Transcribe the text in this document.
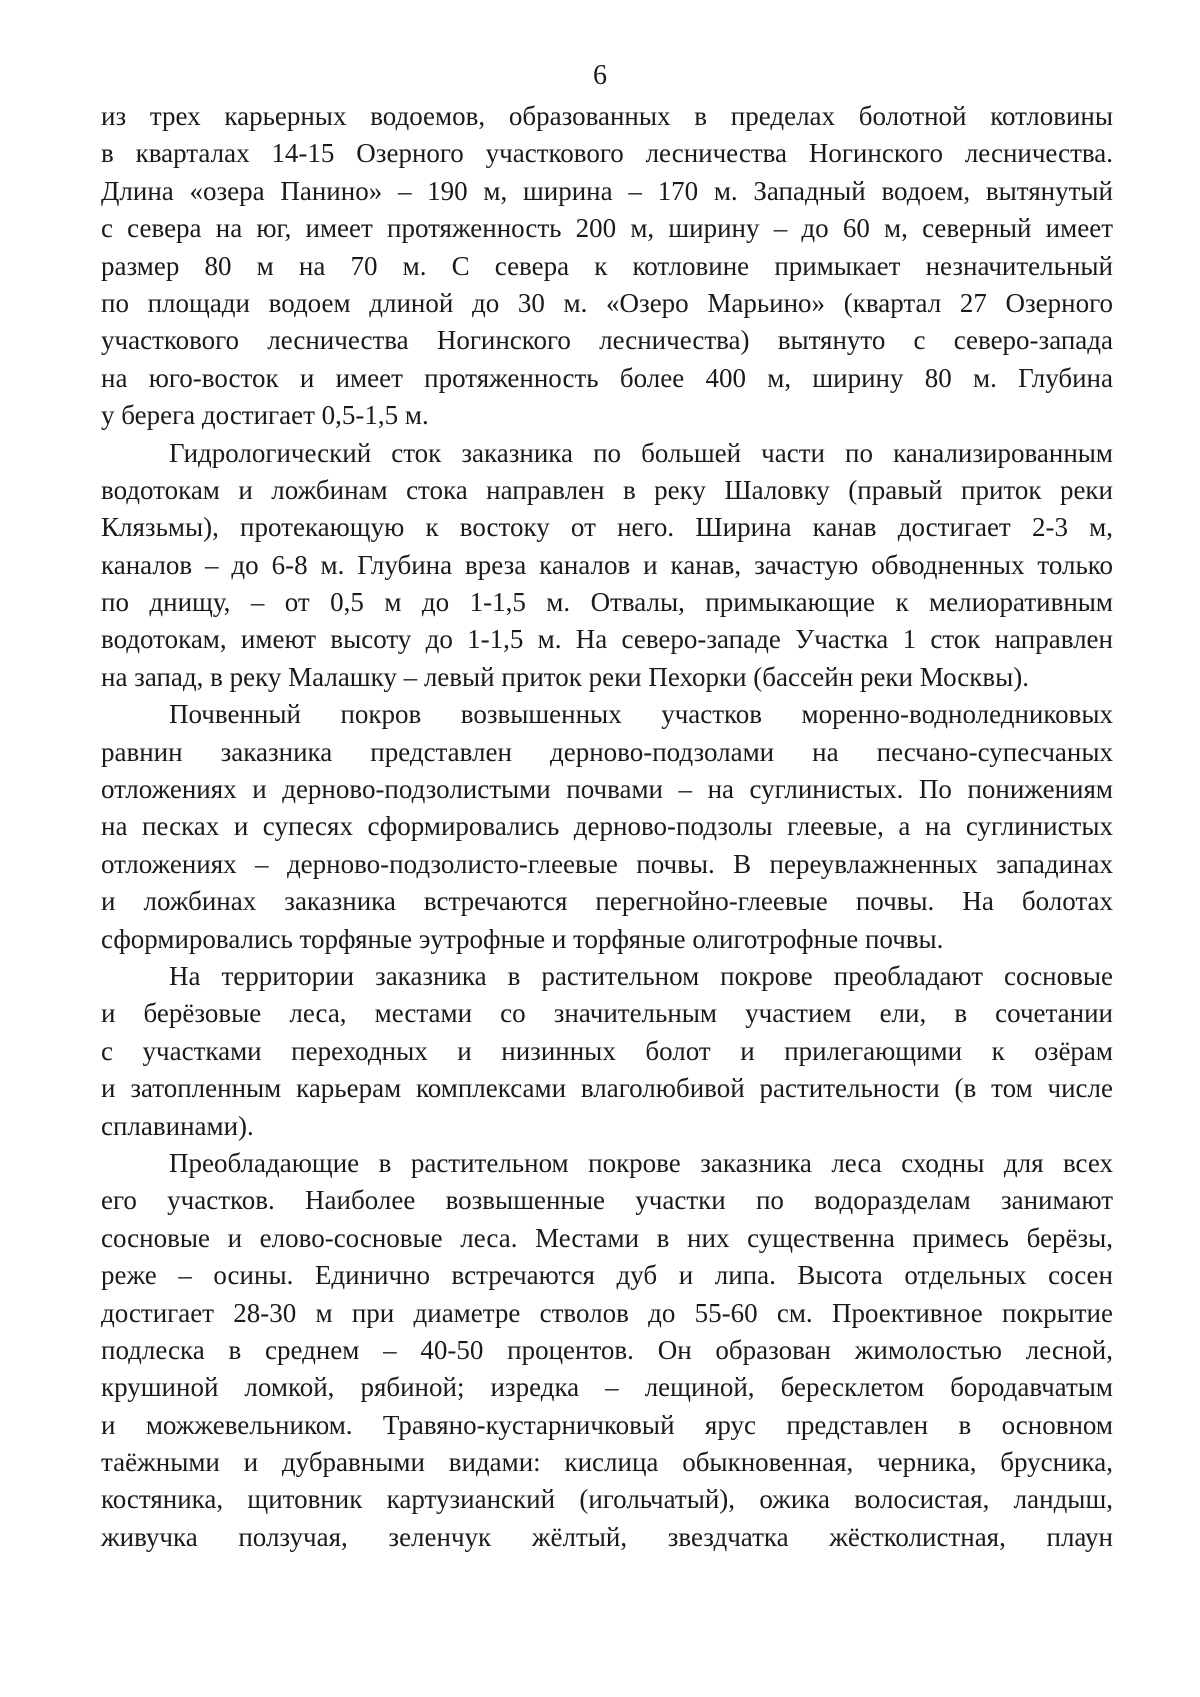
6
из трех карьерных водоемов, образованных в пределах болотной котловины
в кварталах 14-15 Озерного участкового лесничества Ногинского лесничества.
Длина «озера Панино» – 190 м, ширина – 170 м. Западный водоем, вытянутый
с севера на юг, имеет протяженность 200 м, ширину – до 60 м, северный имеет
размер 80 м на 70 м. С севера к котловине примыкает незначительный
по площади водоем длиной до 30 м. «Озеро Марьино» (квартал 27 Озерного
участкового лесничества Ногинского лесничества) вытянуто с северо-запада
на юго-восток и имеет протяженность более 400 м, ширину 80 м. Глубина
у берега достигает 0,5-1,5 м.
Гидрологический сток заказника по большей части по канализированным
водотокам и ложбинам стока направлен в реку Шаловку (правый приток реки
Клязьмы), протекающую к востоку от него. Ширина канав достигает 2-3 м,
каналов – до 6-8 м. Глубина вреза каналов и канав, зачастую обводненных только
по днищу, – от 0,5 м до 1-1,5 м. Отвалы, примыкающие к мелиоративным
водотокам, имеют высоту до 1-1,5 м. На северо-западе Участка 1 сток направлен
на запад, в реку Малашку – левый приток реки Пехорки (бассейн реки Москвы).
Почвенный покров возвышенных участков моренно-водноледниковых
равнин заказника представлен дерново-подзолами на песчано-супесчаных
отложениях и дерново-подзолистыми почвами – на суглинистых. По понижениям
на песках и супесях сформировались дерново-подзолы глеевые, а на суглинистых
отложениях – дерново-подзолисто-глеевые почвы. В переувлажненных западинах
и ложбинах заказника встречаются перегнойно-глеевые почвы. На болотах
сформировались торфяные эутрофные и торфяные олиготрофные почвы.
На территории заказника в растительном покрове преобладают сосновые
и берёзовые леса, местами со значительным участием ели, в сочетании
с участками переходных и низинных болот и прилегающими к озёрам
и затопленным карьерам комплексами влаголюбивой растительности (в том числе
сплавинами).
Преобладающие в растительном покрове заказника леса сходны для всех
его участков. Наиболее возвышенные участки по водоразделам занимают
сосновые и елово-сосновые леса. Местами в них существенна примесь берёзы,
реже – осины. Единично встречаются дуб и липа. Высота отдельных сосен
достигает 28-30 м при диаметре стволов до 55-60 см. Проективное покрытие
подлеска в среднем – 40-50 процентов. Он образован жимолостью лесной,
крушиной ломкой, рябиной; изредка – лещиной, бересклетом бородавчатым
и можжевельником. Травяно-кустарничковый ярус представлен в основном
таёжными и дубравными видами: кислица обыкновенная, черника, брусника,
костяника, щитовник картузианский (игольчатый), ожика волосистая, ландыш,
живучка ползучая, зеленчук жёлтый, звездчатка жёстколистная, плаун
